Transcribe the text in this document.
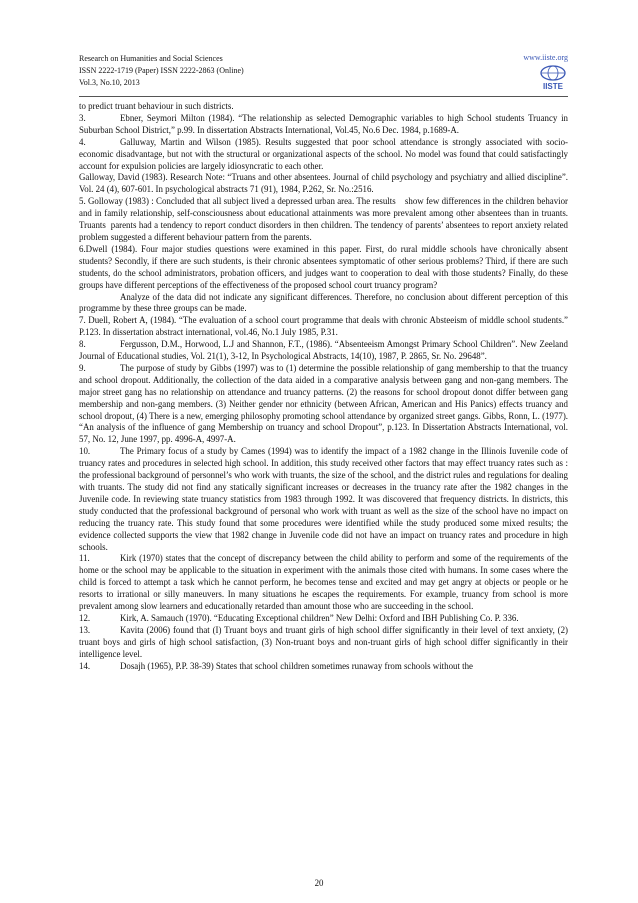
Research on Humanities and Social Sciences
ISSN 2222-1719 (Paper) ISSN 2222-2863 (Online)
Vol.3, No.10, 2013
www.iiste.org
IISTE

to predict truant behaviour in such districts.

3.	Ebner, Seymori Milton (1984). “The relationship as selected Demographic variables to high School students Truancy in Suburban School District,” p.99. In dissertation Abstracts International, Vol.45, No.6 Dec. 1984, p.1689-A.

4.	Galluway, Martin and Wilson (1985). Results suggested that poor school attendance is strongly associated with socio-economic disadvantage, but not with the structural or organizational aspects of the school. No model was found that could satisfactingly account for expulsion policies are largely idiosyncratic to each other.

Galloway, David (1983). Research Note: “Truans and other absentees. Journal of child psychology and psychiatry and allied discipline”. Vol. 24 (4), 607-601. In psychological abstracts 71 (91), 1984, P.262, Sr. No.:2516.

5. Golloway (1983) : Concluded that all subject lived a depressed urban area. The results    show few differences in the children behavior and in family relationship, self-consciousness about educational attainments was more prevalent among other absentees than in truants. Truants  parents had a tendency to report conduct disorders in then children. The tendency of parents’ absentees to report anxiety related problem suggested a different behaviour pattern from the parents.

6.Dwell (1984). Four major studies questions were examined in this paper. First, do rural middle schools have chronically absent students? Secondly, if there are such students, is their chronic absentees symptomatic of other serious problems? Third, if there are such students, do the school administrators, probation officers, and judges want to cooperation to deal with those students? Finally, do these groups have different perceptions of the effectiveness of the proposed school court truancy program?

Analyze of the data did not indicate any significant differences. Therefore, no conclusion about different perception of this programme by these three groups can be made.

7. Duell, Robert A, (1984). “The evaluation of a school court programme that deals with chronic Absteeism of middle school students.” P.123. In dissertation abstract international, vol.46, No.1 July 1985, P.31.

8.	Fergusson, D.M., Horwood, L.J and Shannon, F.T., (1986). “Absenteeism Amongst Primary School Children”. New Zeeland Journal of Educational studies, Vol. 21(1), 3-12, In Psychological Abstracts, 14(10), 1987, P. 2865, Sr. No. 29648”.

9.	The purpose of study by Gibbs (1997) was to (1) determine the possible relationship of gang membership to that the truancy and school dropout. Additionally, the collection of the data aided in a comparative analysis between gang and non-gang members. The major street gang has no relationship on attendance and truancy patterns. (2) the reasons for school dropout donot differ between gang membership and non-gang members. (3) Neither gender nor ethnicity (between African, American and His Panics) effects truancy and school dropout, (4) There is a new, emerging philosophy promoting school attendance by organized street gangs. Gibbs, Ronn, L. (1977). “An analysis of the influence of gang Membership on truancy and school Dropout”, p.123. In Dissertation Abstracts International, vol. 57, No. 12, June 1997, pp. 4996-A, 4997-A.

10.	The Primary focus of a study by Cames (1994) was to identify the impact of a 1982 change in the Illinois Iuvenile code of truancy rates and procedures in selected high school. In addition, this study received other factors that may effect truancy rates such as : the professional background of personnel’s who work with truants, the size of the school, and the district rules and regulations for dealing with truants. The study did not find any statically significant increases or decreases in the truancy rate after the 1982 changes in the Juvenile code. In reviewing state truancy statistics from 1983 through 1992. It was discovered that frequency districts. In districts, this study conducted that the professional background of personal who work with truant as well as the size of the school have no impact on reducing the truancy rate. This study found that some procedures were identified while the study produced some mixed results; the evidence collected supports the view that 1982 change in Juvenile code did not have an impact on truancy rates and procedure in high schools.

11.	Kirk (1970) states that the concept of discrepancy between the child ability to perform and some of the requirements of the home or the school may be applicable to the situation in experiment with the animals those cited with humans. In some cases where the child is forced to attempt a task which he cannot perform, he becomes tense and excited and may get angry at objects or people or he resorts to irrational or silly maneuvers. In many situations he escapes the requirements. For example, truancy from school is more prevalent among slow learners and educationally retarded than amount those who are succeeding in the school.

12.	Kirk, A. Samauch (1970). “Educating Exceptional children” New Delhi: Oxford and IBH Publishing Co. P. 336.

13.	Kavita (2006) found that (I) Truant boys and truant girls of high school differ significantly in their level of text anxiety, (2) truant boys and girls of high school satisfaction, (3) Non-truant boys and non-truant girls of high school differ significantly in their intelligence level.

14.	Dosajh (1965), P.P. 38-39) States that school children sometimes runaway from schools without the

20
